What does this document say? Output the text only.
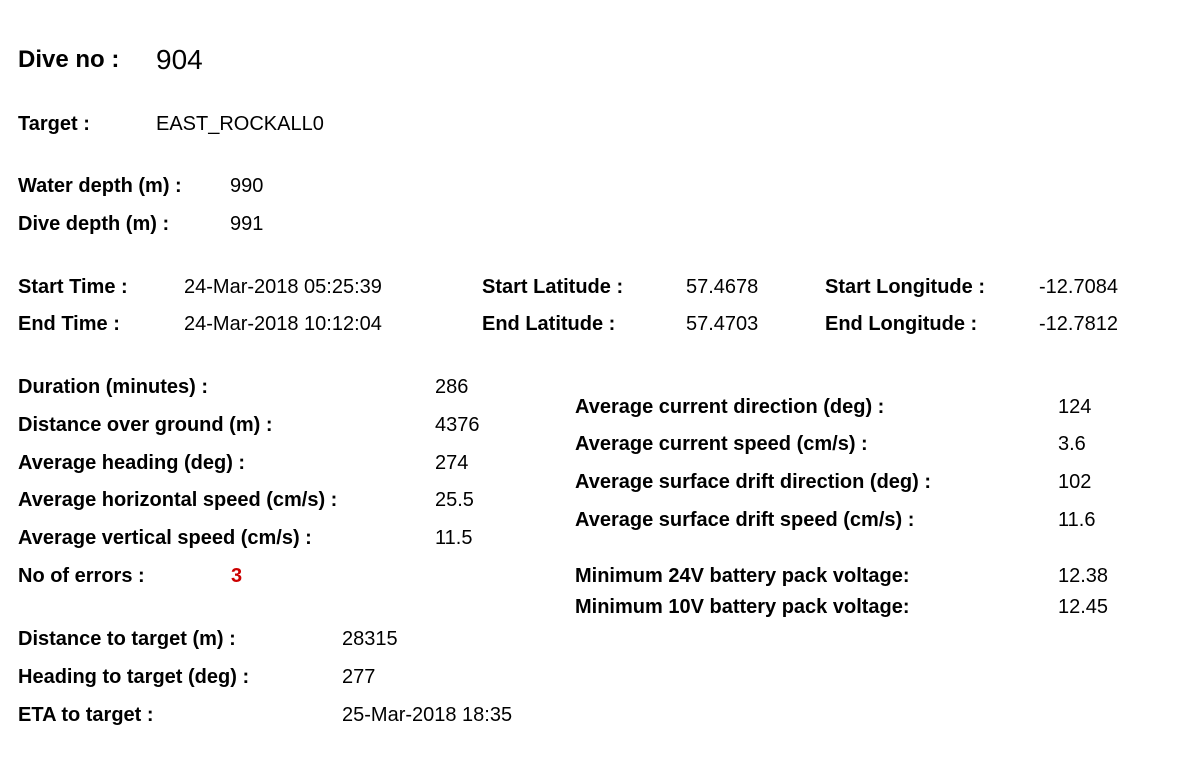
Dive no : 904
Target :	EAST_ROCKALL0
Water depth (m) : 990
Dive depth (m) :	991
Start Time :	24-Mar-2018 05:25:39
End Time :	24-Mar-2018 10:12:04
Start Latitude :	57.4678
End Latitude :	57.4703
Start Longitude :	-12.7084
End Longitude :	-12.7812
Duration (minutes) :	286
Distance over ground (m) :	4376
Average heading (deg) :	274
Average horizontal speed (cm/s) :	25.5
Average vertical speed (cm/s) :	11.5
No of errors :	3
Average current direction (deg) :	124
Average current speed (cm/s) :	3.6
Average surface drift direction (deg) :	102
Average surface drift speed (cm/s) :	11.6
Minimum 24V battery pack voltage:	12.38
Minimum 10V battery pack voltage:	12.45
Distance to target (m) :	28315
Heading to target (deg) :	277
ETA to target :	25-Mar-2018 18:35
